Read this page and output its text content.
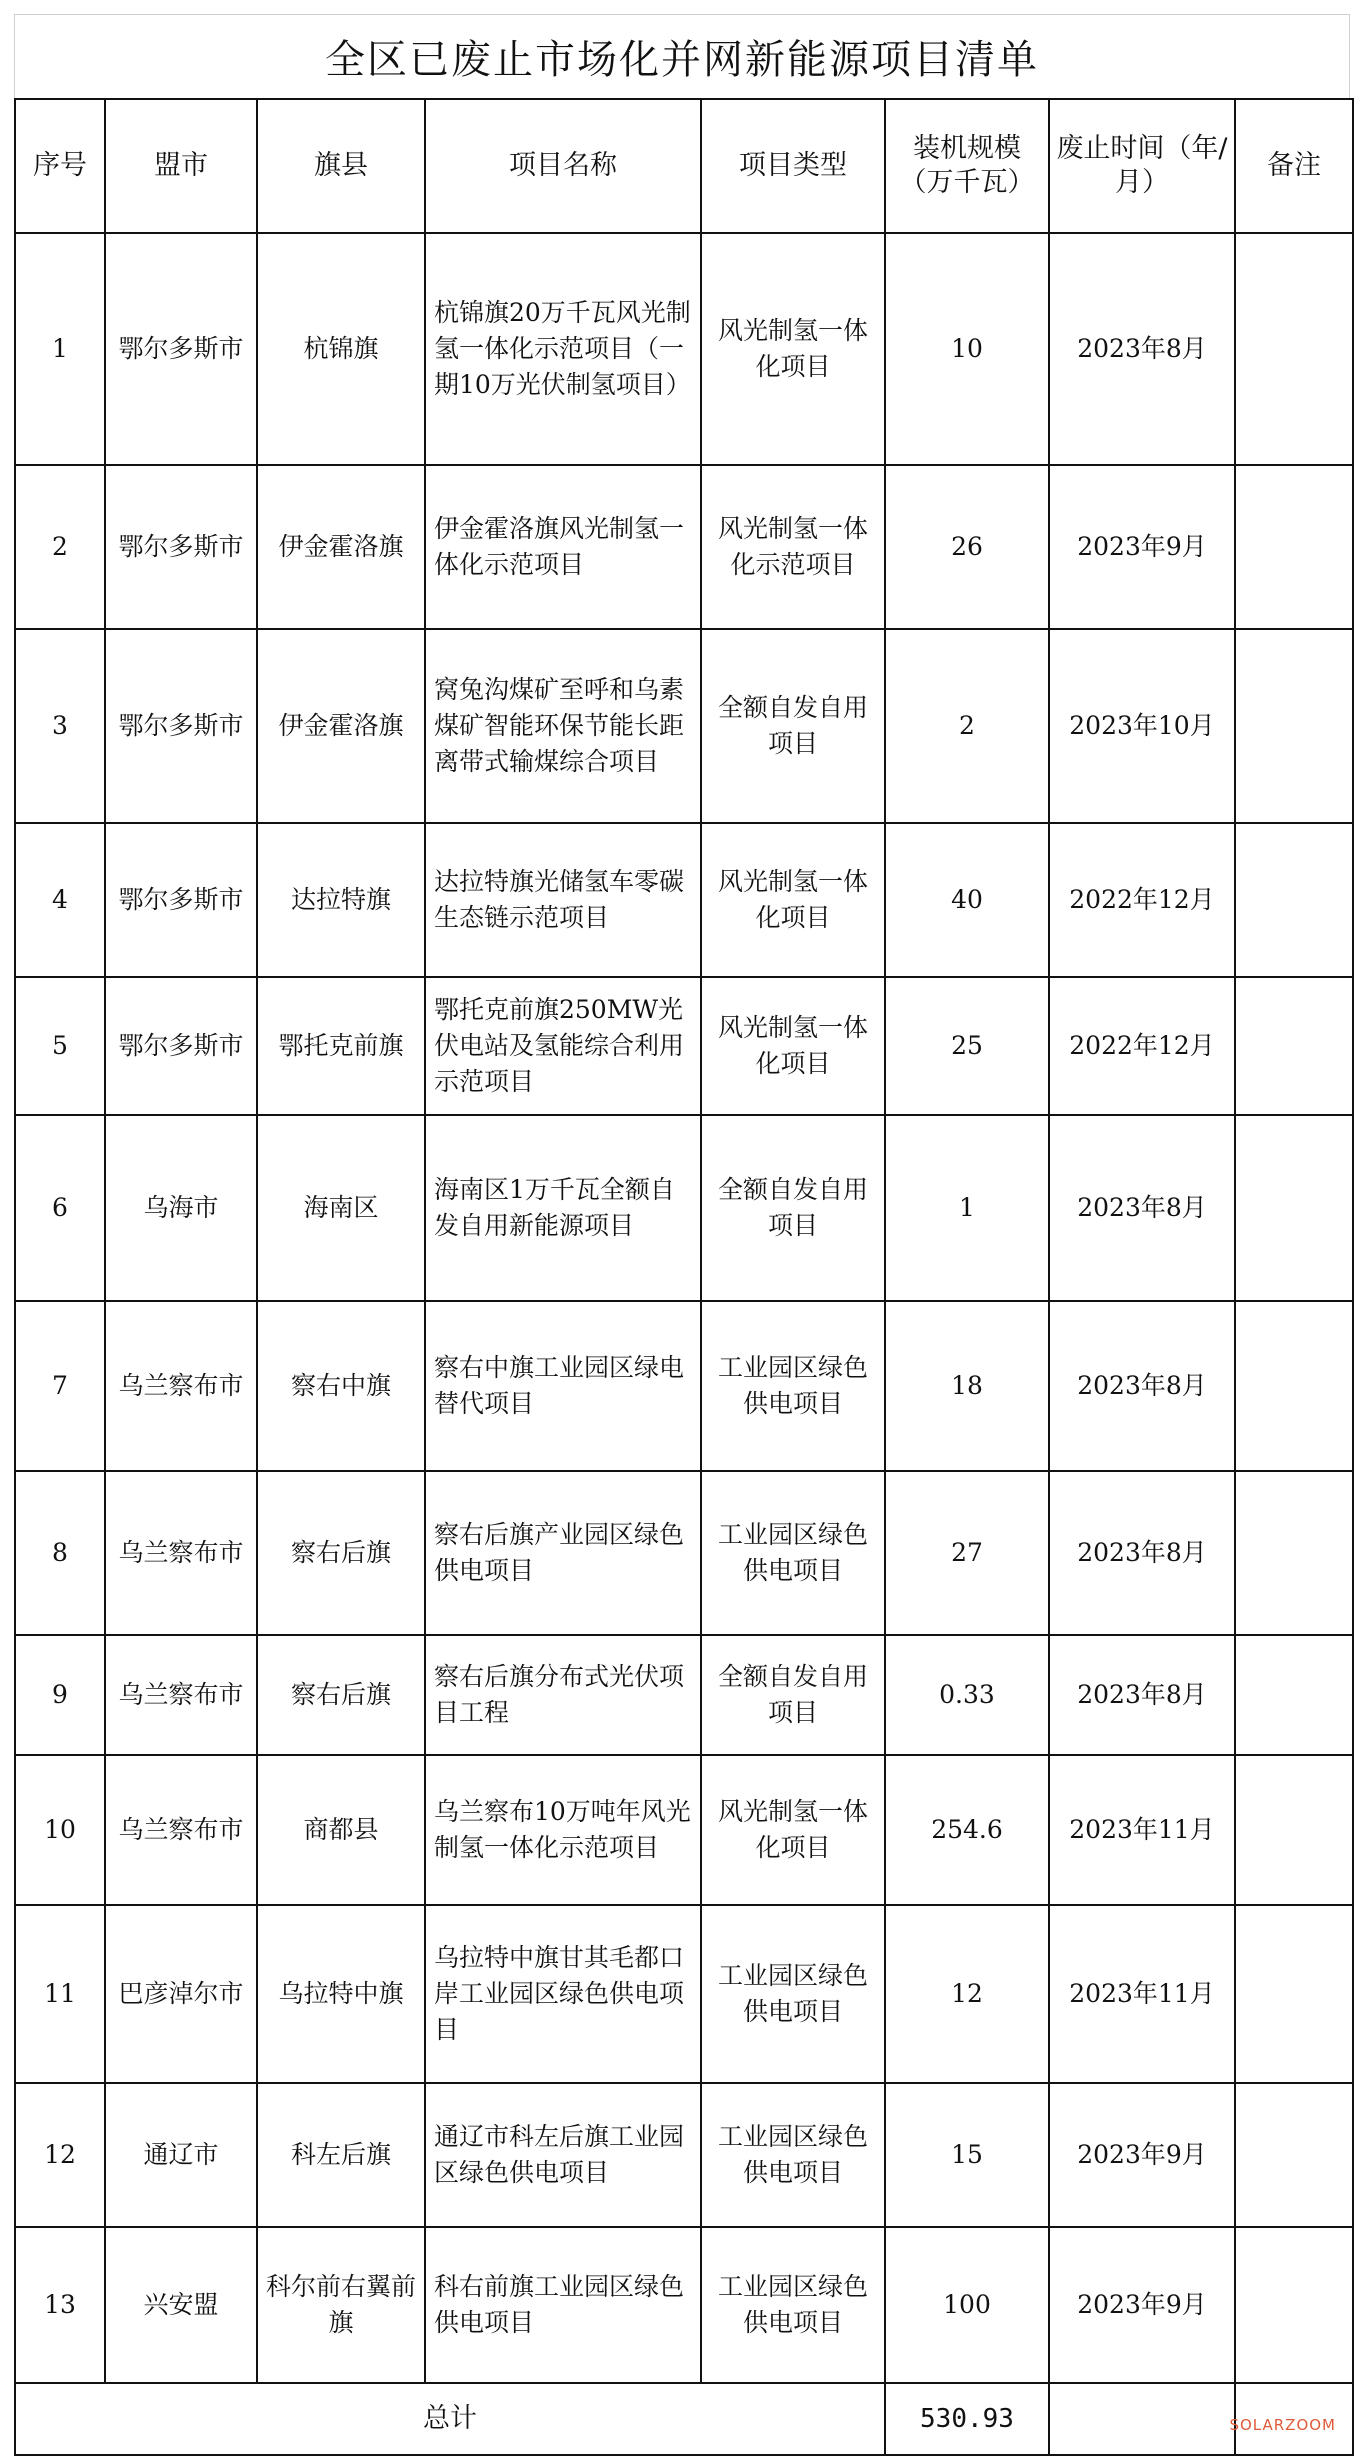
全区已废止市场化并网新能源项目清单
序号	盟市	旗县	项目名称	项目类型	装机规模（万千瓦）	废止时间（年/月）	备注
1	鄂尔多斯市	杭锦旗	杭锦旗20万千瓦风光制氢一体化示范项目（一期10万光伏制氢项目）	风光制氢一体化项目	10	2023年8月	
2	鄂尔多斯市	伊金霍洛旗	伊金霍洛旗风光制氢一体化示范项目	风光制氢一体化示范项目	26	2023年9月	
3	鄂尔多斯市	伊金霍洛旗	窝兔沟煤矿至呼和乌素煤矿智能环保节能长距离带式输煤综合项目	全额自发自用项目	2	2023年10月	
4	鄂尔多斯市	达拉特旗	达拉特旗光储氢车零碳生态链示范项目	风光制氢一体化项目	40	2022年12月	
5	鄂尔多斯市	鄂托克前旗	鄂托克前旗250MW光伏电站及氢能综合利用示范项目	风光制氢一体化项目	25	2022年12月	
6	乌海市	海南区	海南区1万千瓦全额自发自用新能源项目	全额自发自用项目	1	2023年8月	
7	乌兰察布市	察右中旗	察右中旗工业园区绿电替代项目	工业园区绿色供电项目	18	2023年8月	
8	乌兰察布市	察右后旗	察右后旗产业园区绿色供电项目	工业园区绿色供电项目	27	2023年8月	
9	乌兰察布市	察右后旗	察右后旗分布式光伏项目工程	全额自发自用项目	0.33	2023年8月	
10	乌兰察布市	商都县	乌兰察布10万吨年风光制氢一体化示范项目	风光制氢一体化项目	254.6	2023年11月	
11	巴彦淖尔市	乌拉特中旗	乌拉特中旗甘其毛都口岸工业园区绿色供电项目	工业园区绿色供电项目	12	2023年11月	
12	通辽市	科左后旗	通辽市科左后旗工业园区绿色供电项目	工业园区绿色供电项目	15	2023年9月	
13	兴安盟	科尔前右翼前旗	科右前旗工业园区绿色供电项目	工业园区绿色供电项目	100	2023年9月	
总计					530.93			SOLARZOOM
